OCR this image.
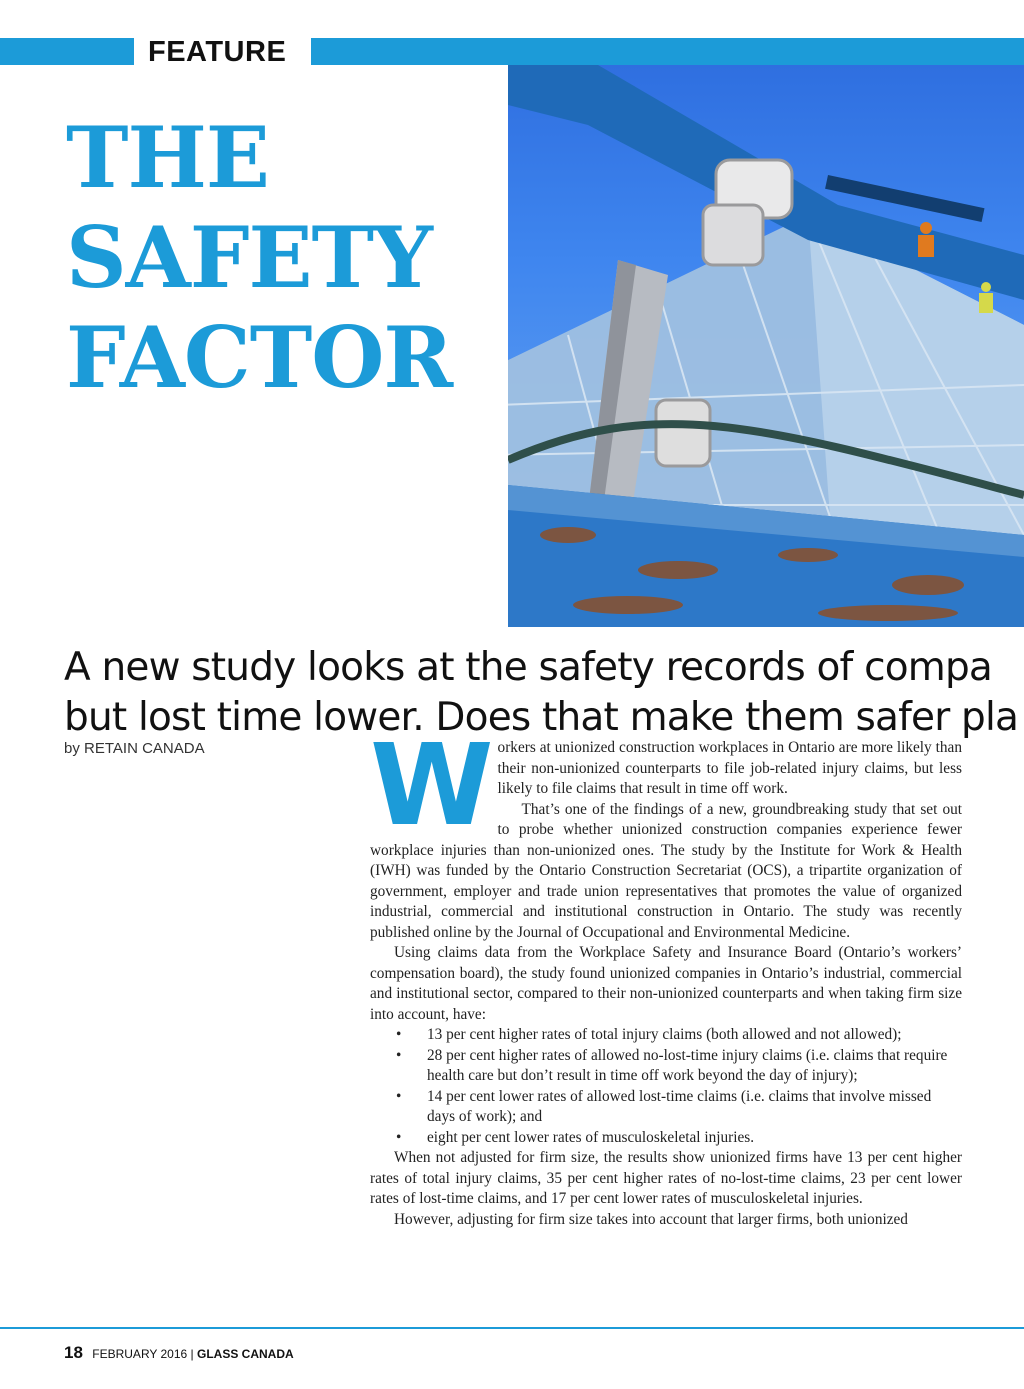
FEATURE
THE
SAFETY
FACTOR
A new study looks at the safety records of compa
but lost time lower. Does that make them safer pla
by RETAIN CANADA W orkers at unionized construction workplaces in Ontario are more likely than their non-unionized counterparts to file job-related injury claims, but less likely to file claims that result in time off work.

That’s one of the findings of a new, groundbreaking study that set out to probe whether unionized construction companies experience fewer workplace injuries than non-unionized ones. The study by the Institute for Work & Health (IWH) was funded by the Ontario Construction Secretariat (OCS), a tripartite organization of government, employer and trade union representatives that promotes the value of organized industrial, commercial and institutional construction in Ontario. The study was recently published online by the Journal of Occupational and Environmental Medicine.

Using claims data from the Workplace Safety and Insurance Board (Ontario’s workers’ compensation board), the study found unionized companies in Ontario’s industrial, commercial and institutional sector, compared to their non-unionized counterparts and when taking firm size into account, have:

• 13 per cent higher rates of total injury claims (both allowed and not allowed);
• 28 per cent higher rates of allowed no-lost-time injury claims (i.e. claims that require health care but don’t result in time off work beyond the day of injury);
• 14 per cent lower rates of allowed lost-time claims (i.e. claims that involve missed days of work); and
• eight per cent lower rates of musculoskeletal injuries.

When not adjusted for firm size, the results show unionized firms have 13 per cent higher rates of total injury claims, 35 per cent higher rates of no-lost-time claims, 23 per cent lower rates of lost-time claims, and 17 per cent lower rates of musculoskeletal injuries.

However, adjusting for firm size takes into account that larger firms, both unionized

18 FEBRUARY 2016 | GLASS CANADA
